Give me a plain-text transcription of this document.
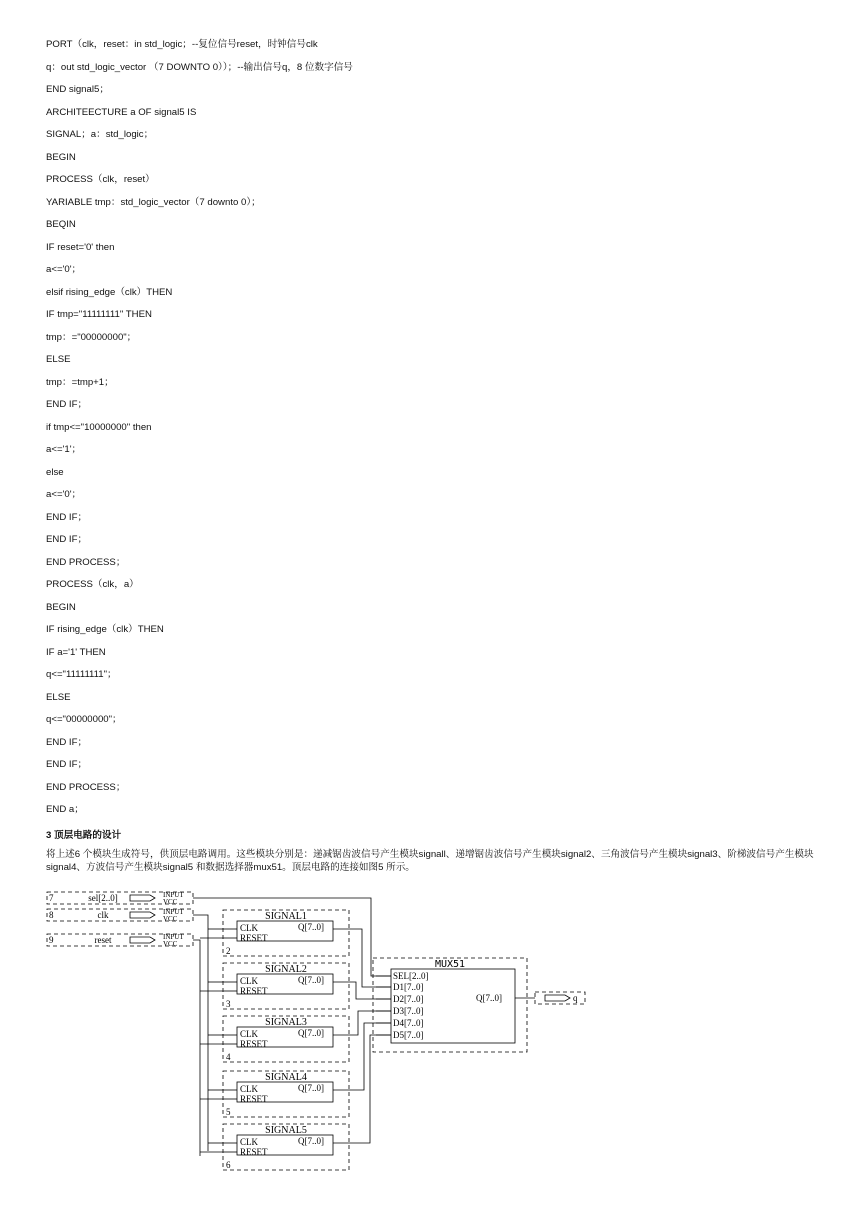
PORT（clk，reset：in std_logic；--复位信号reset，时钟信号clk
q：out std_logic_vector （7 DOWNTO 0））；--输出信号q，8 位数字信号
END signal5；
ARCHITEECTURE a OF signal5 IS
SIGNAL；a：std_logic；
BEGIN
PROCESS（clk，reset）
YARIABLE tmp：std_logic_vector（7 downto 0）；
BEQIN
IF reset='0' then
a<='0'；
elsif rising_edge（clk）THEN
IF tmp="11111111" THEN
tmp：="00000000"；
ELSE
tmp：=tmp+1；
END IF；
if tmp<="10000000" then
a<='1'；
else
a<='0'；
END IF；
END IF；
END PROCESS；
PROCESS（clk，a）
BEGIN
IF rising_edge（clk）THEN
IF a='1' THEN
q<="11111111"；
ELSE
q<="00000000"；
END IF；
END IF；
END PROCESS；
END a；
3 顶层电路的设计
将上述6 个模块生成符号，供顶层电路调用。这些模块分别是：递减锯齿波信号产生模块signall、递增锯齿波信号产生模块signal2、三角波信号产生模块signal3、阶梯波信号产生模块signal4、方波信号产生模块signal5 和数据选择器mux51。顶层电路的连接如图5 所示。
7	sel[2..0]	INPUT
VCC
8	clk	INPUT
VCC
9	reset	INPUT
VCC
SIGNAL1
CLK
RESET
Q[7..0]
2
SIGNAL2
CLK
RESET
Q[7..0]
3
SIGNAL3
CLK
RESET
Q[7..0]
4
SIGNAL4
CLK
RESET
Q[7..0]
5
SIGNAL5
CLK
RESET
Q[7..0]
6
MUX51
SEL[2..0]
D1[7..0]
D2[7..0]
D3[7..0]
D4[7..0]
D5[7..0]
Q[7..0]	q
